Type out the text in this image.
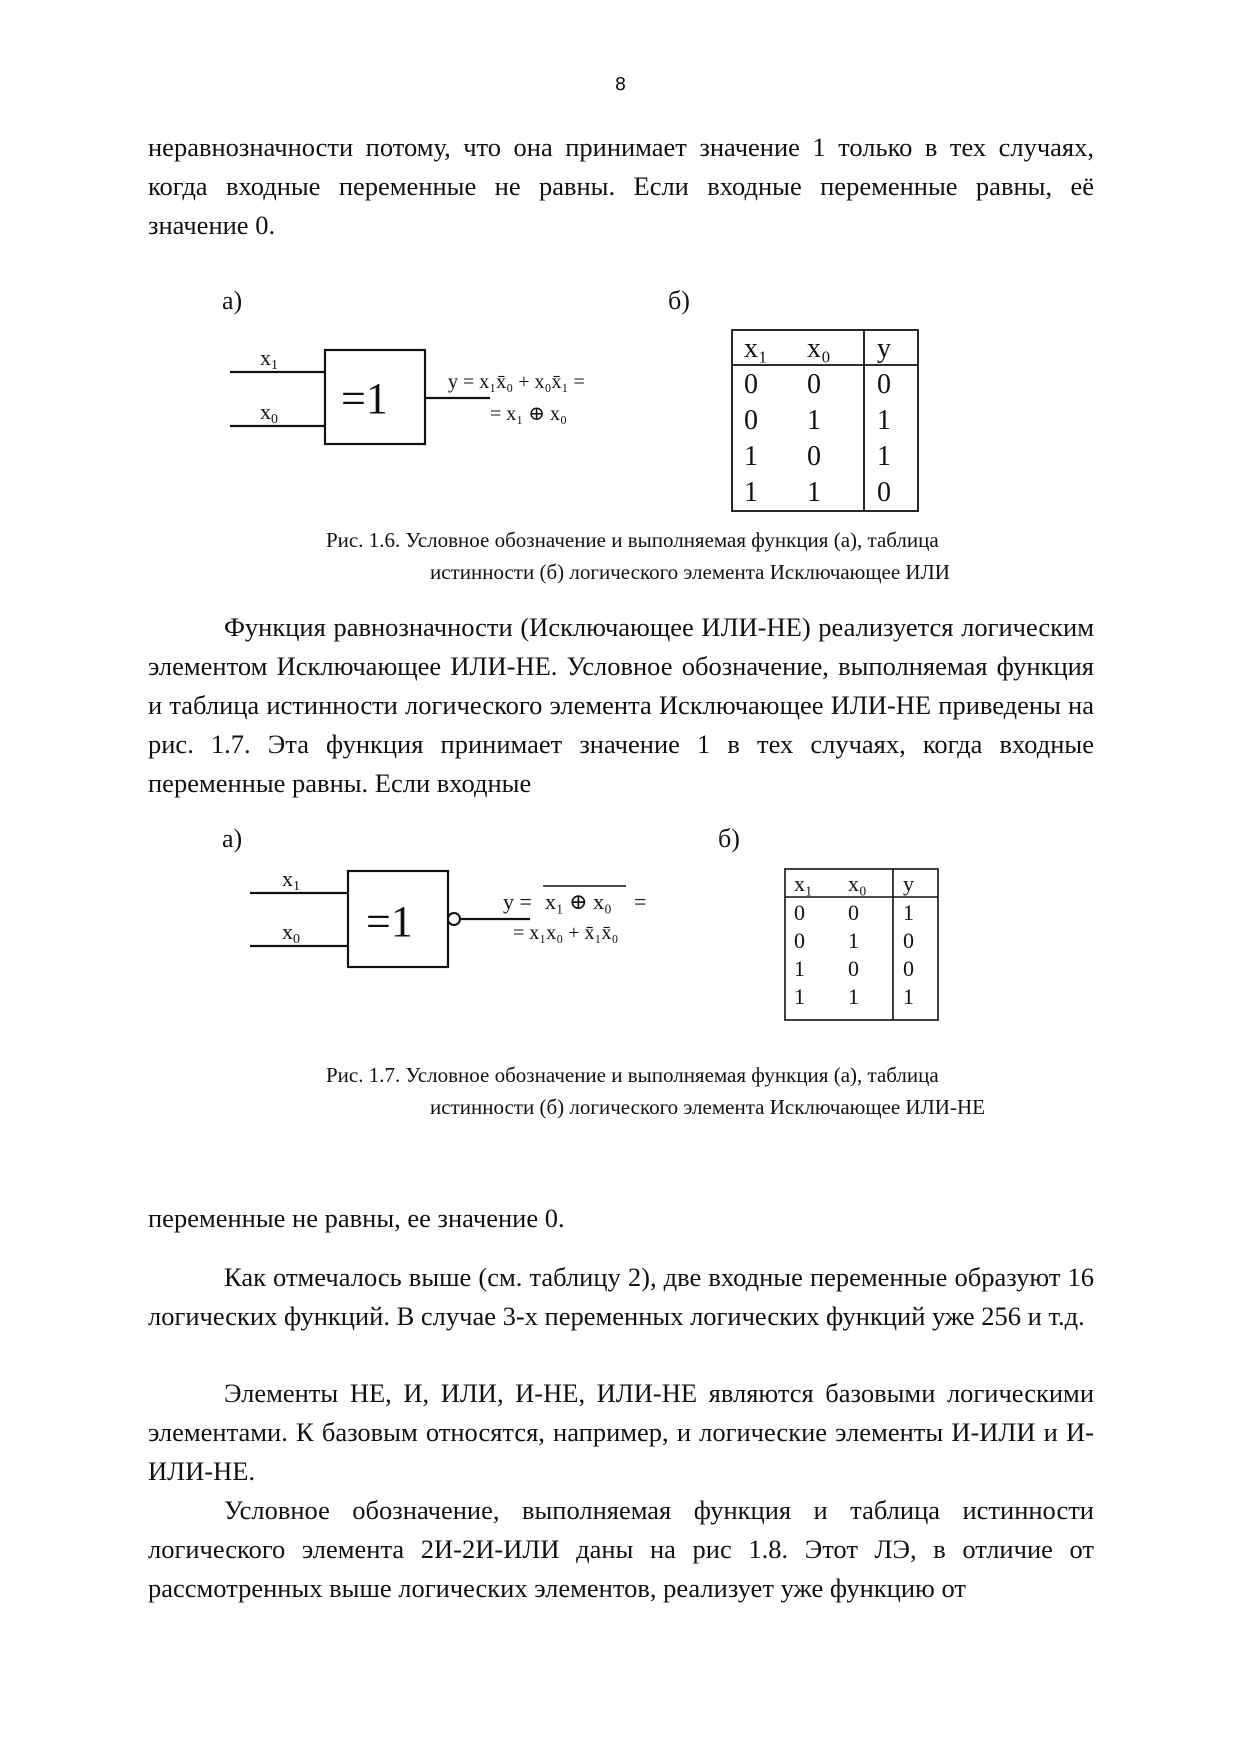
8

неравнозначности потому, что она принимает значение 1 только в тех случаях, когда входные переменные не равны. Если входные переменные равны, её значение 0.

а)	б)
=1
x1
x0
y = x₁x̄₀ + x₀x̄₁ =
= x₁ ⊕ x₀
x₁ x₀ y
0 0 0
0 1 1
1 0 1
1 1 0
=1
x1
x0
y = x₁ ⊕ x₀ =
= x₁x₀ + x̄₁x̄₀
x₁ x₀ y
0 0 1
0 1 0
1 0 0
1 1 1
Рис. 1.6. Условное обозначение и выполняемая функция (а), таблица
истинности (б) логического элемента Исключающее ИЛИ

Функция равнозначности (Исключающее ИЛИ-НЕ) реализуется логическим элементом Исключающее ИЛИ-НЕ. Условное обозначение, выполняемая функция и таблица истинности логического элемента Исключающее ИЛИ-НЕ приведены на рис. 1.7. Эта функция принимает значение 1 в тех случаях, когда входные переменные равны. Если входные

а)	б)
Рис. 1.7. Условное обозначение и выполняемая функция (а), таблица
истинности (б) логического элемента Исключающее ИЛИ-НЕ

переменные не равны, ее значение 0.

Как отмечалось выше (см. таблицу 2), две входные переменные образуют 16 логических функций. В случае 3-х переменных логических функций уже 256 и т.д.

Элементы НЕ, И, ИЛИ, И-НЕ, ИЛИ-НЕ являются базовыми логическими элементами. К базовым относятся, например, и логические элементы И-ИЛИ и И-ИЛИ-НЕ.

Условное обозначение, выполняемая функция и таблица истинности логического элемента 2И-2И-ИЛИ даны на рис 1.8. Этот ЛЭ, в отличие от рассмотренных выше логических элементов, реализует уже функцию от
